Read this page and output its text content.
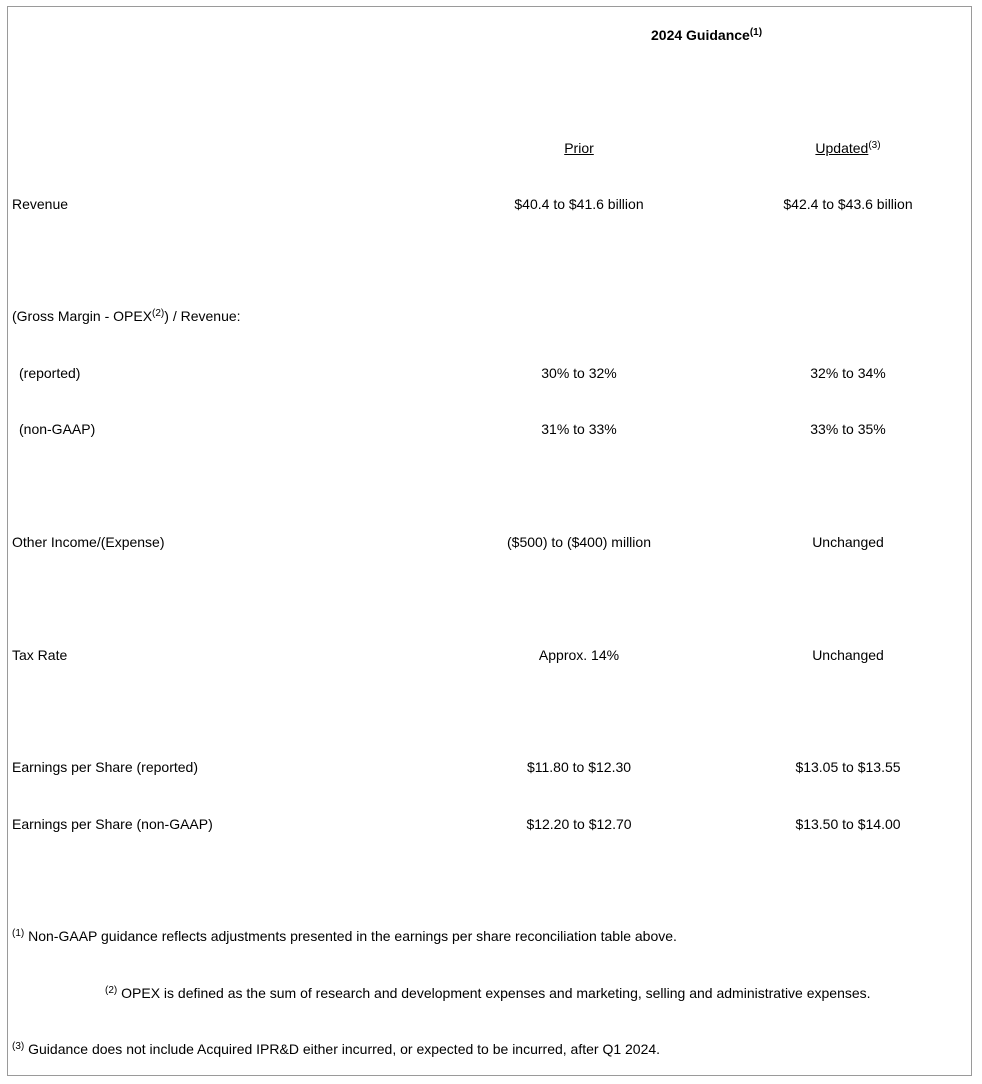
2024 Guidance$^{(1)}$
Prior	Updated$^{(3)}$
Revenue	$40.4 to $41.6 billion	$42.4 to $43.6 billion
(Gross Margin - OPEX$^{(2)}$) / Revenue:
(reported)	30% to 32%	32% to 34%
(non-GAAP)	31% to 33%	33% to 35%
Other Income/(Expense)	($500) to ($400) million	Unchanged
Tax Rate	Approx. 14%	Unchanged
Earnings per Share (reported)	$11.80 to $12.30	$13.05 to $13.55
Earnings per Share (non-GAAP)	$12.20 to $12.70	$13.50 to $14.00
$^{(1)}$ Non-GAAP guidance reflects adjustments presented in the earnings per share reconciliation table above.
$^{(2)}$ OPEX is defined as the sum of research and development expenses and marketing, selling and administrative expenses.
$^{(3)}$ Guidance does not include Acquired IPR&D either incurred, or expected to be incurred, after Q1 2024.
